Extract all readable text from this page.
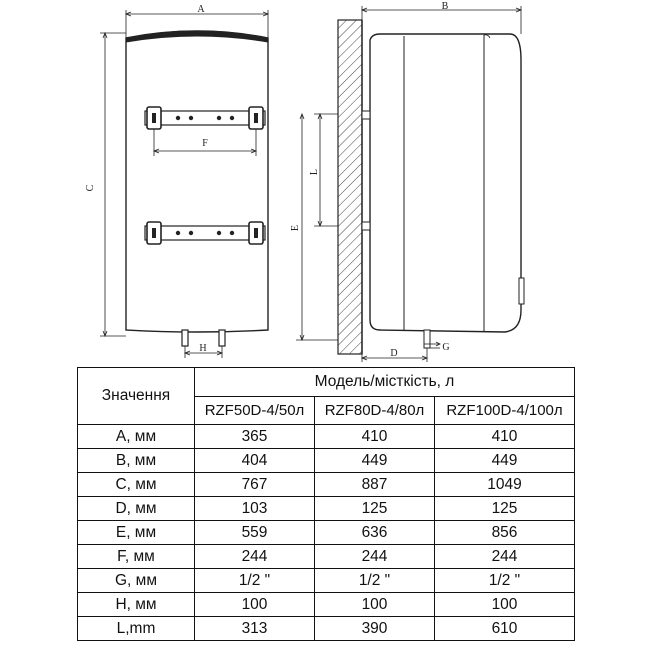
A
C
F
H
B
L
E
D
G
Значення	Модель/місткість, л		
	RZF50D-4/50л	RZF80D-4/80л	RZF100D-4/100л
A, мм	365	410	410
B, мм	404	449	449
C, мм	767	887	1049
D, мм	103	125	125
E, мм	559	636	856
F, мм	244	244	244
G, мм	1/2 "	1/2 "	1/2 "
H, мм	100	100	100
L,mm	313	390	610
